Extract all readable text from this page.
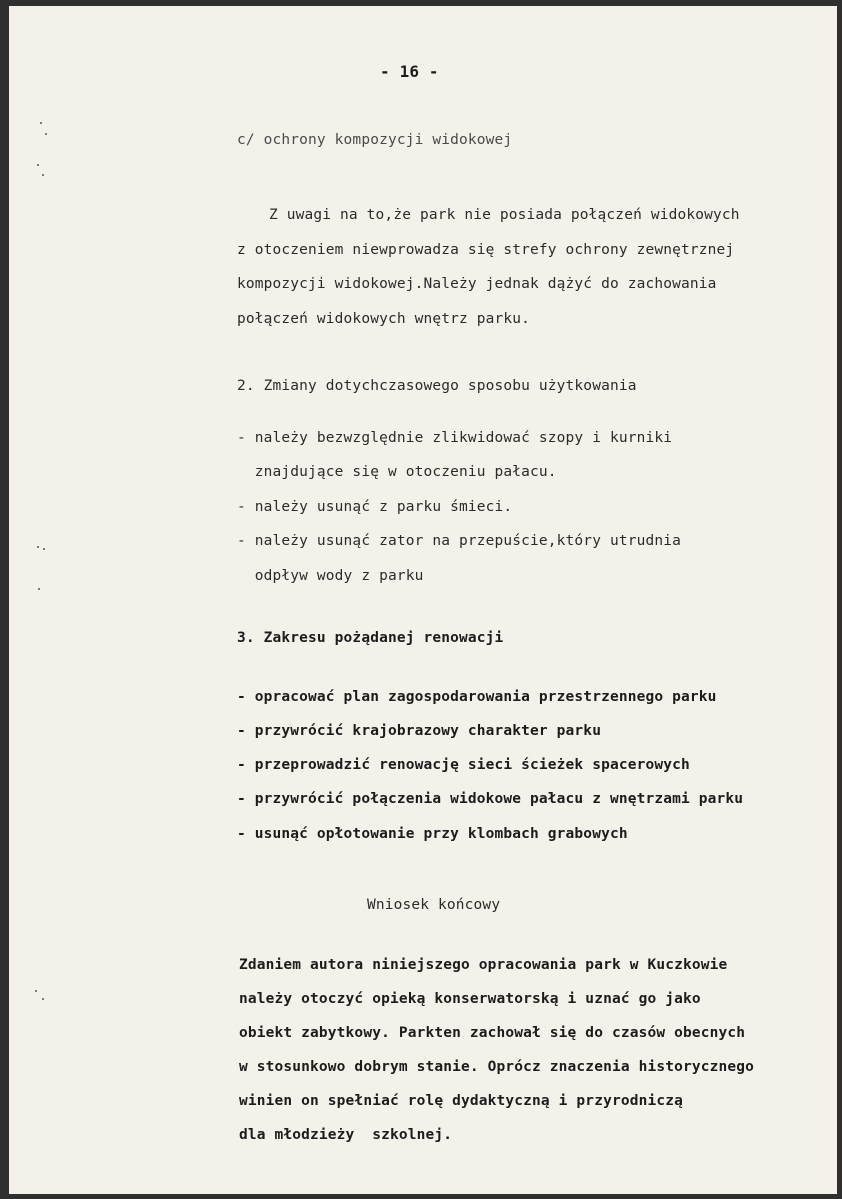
- 16 -
c/ ochrony kompozycji widokowej
Z uwagi na to,że park nie posiada połączeń widokowych
z otoczeniem niewprowadza się strefy ochrony zewnętrznej
kompozycji widokowej.Należy jednak dążyć do zachowania
połączeń widokowych wnętrz parku.
2. Zmiany dotychczasowego sposobu użytkowania
- należy bezwzględnie zlikwidować szopy i kurniki
znajdujące się w otoczeniu pałacu.
- należy usunąć z parku śmieci.
- należy usunąć zator na przepuście,który utrudnia
odpływ wody z parku
3. Zakresu pożądanej renowacji
- opracować plan zagospodarowania przestrzennego parku
- przywrócić krajobrazowy charakter parku
- przeprowadzić renowację sieci ścieżek spacerowych
- przywrócić połączenia widokowe pałacu z wnętrzami parku
- usunąć opłotowanie przy klombach grabowych
Wniosek końcowy
Zdaniem autora niniejszego opracowania park w Kuczkowie
należy otoczyć opieką konserwatorską i uznać go jako
obiekt zabytkowy. Parkten zachował się do czasów obecnych
w stosunkowo dobrym stanie. Oprócz znaczenia historycznego
winien on spełniać rolę dydaktyczną i przyrodniczą
dla młodzieży  szkolnej.
